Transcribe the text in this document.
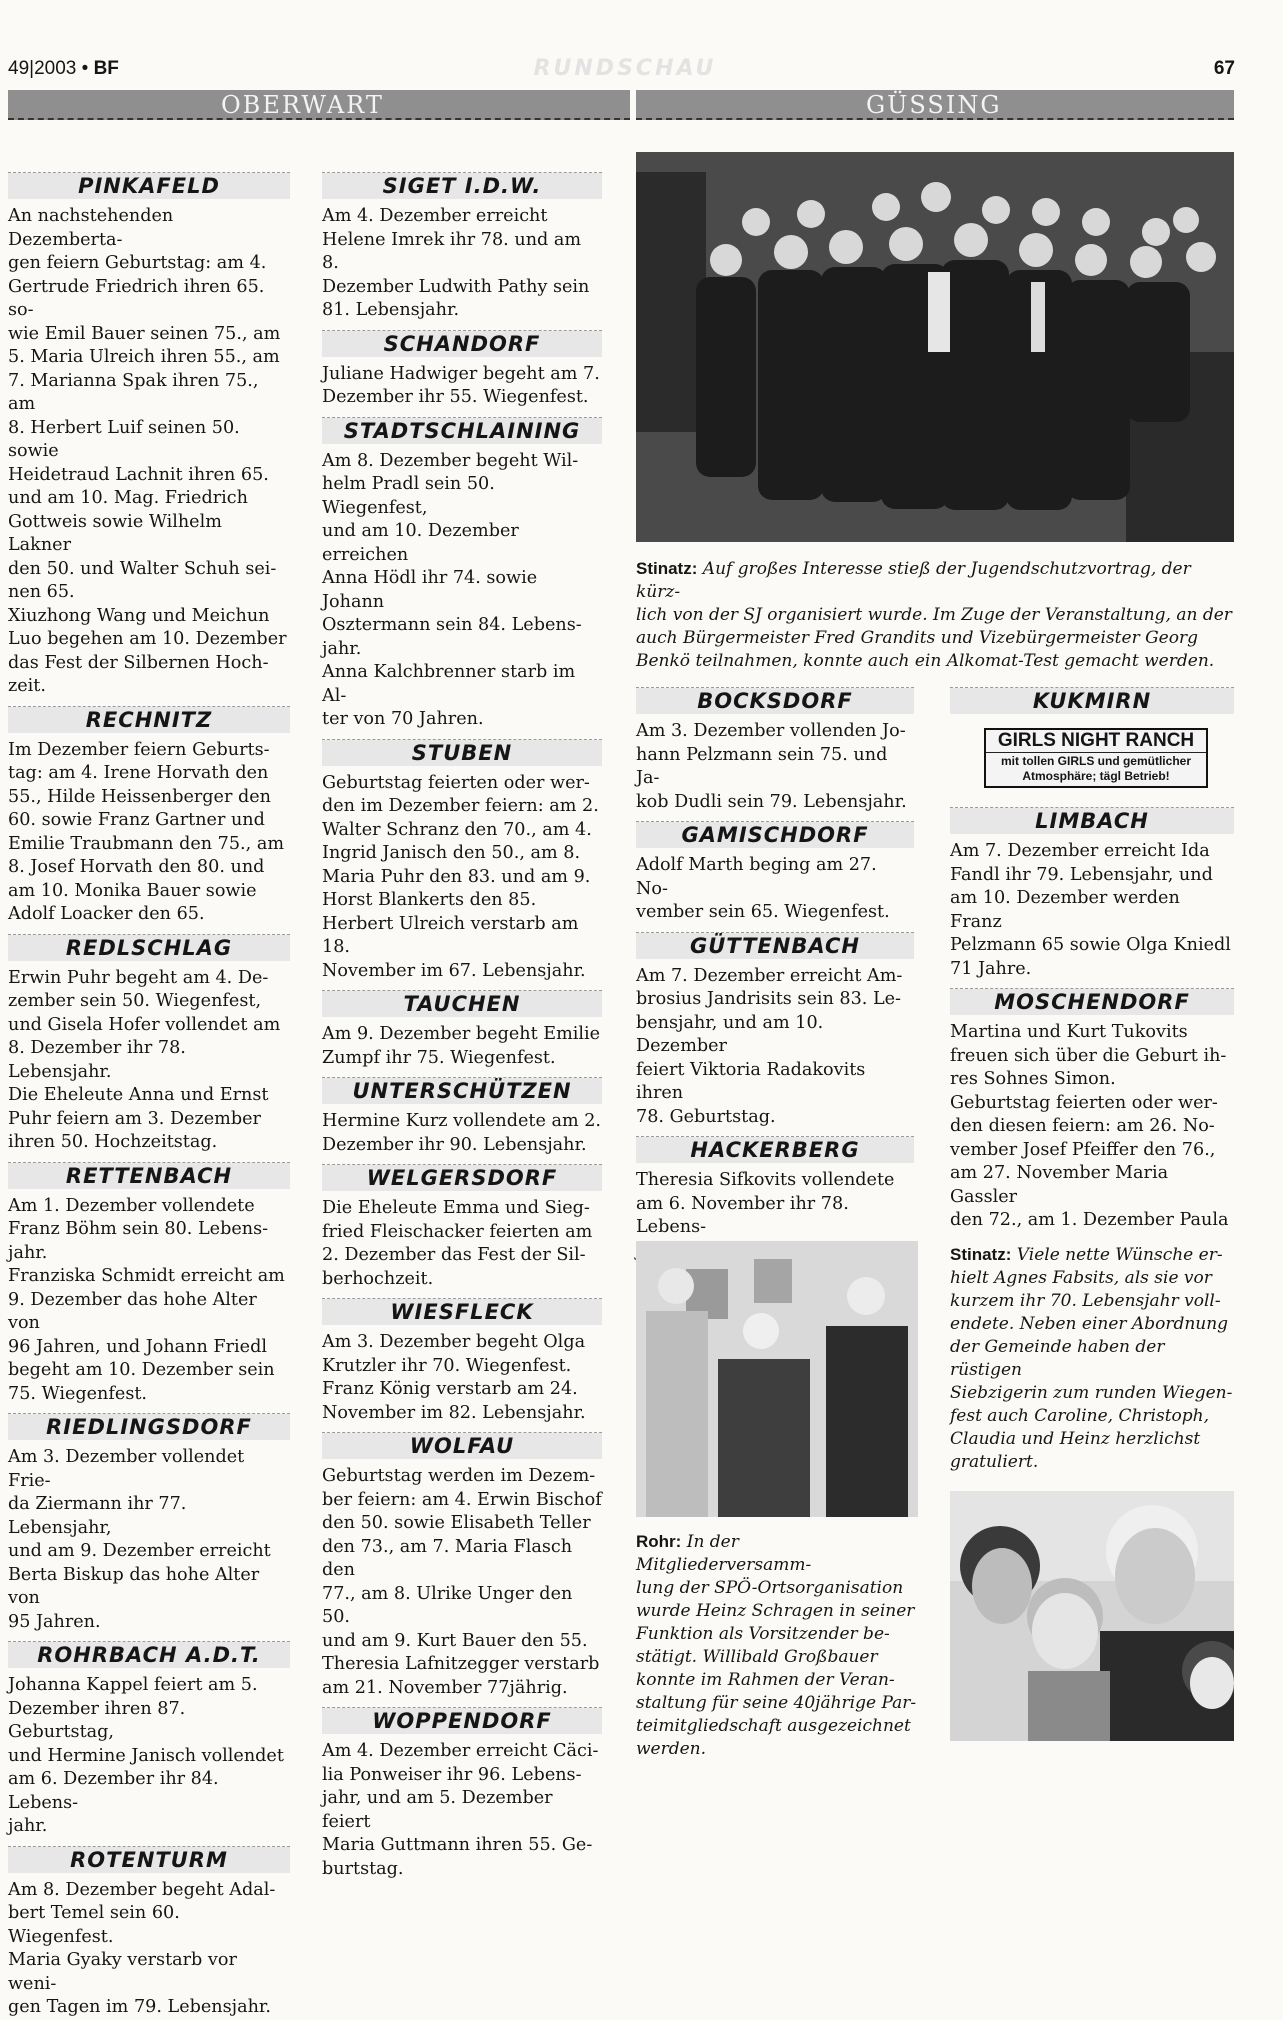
49|2003 • BF	RUNDSCHAU	67
OBERWART	GÜSSING
PINKAFELD

An nachstehenden Dezemberta-
gen feiern Geburtstag: am 4.
Gertrude Friedrich ihren 65. so-
wie Emil Bauer seinen 75., am
5. Maria Ulreich ihren 55., am
7. Marianna Spak ihren 75., am
8. Herbert Luif seinen 50. sowie
Heidetraud Lachnit ihren 65.
und am 10. Mag. Friedrich
Gottweis sowie Wilhelm Lakner
den 50. und Walter Schuh sei-
nen 65.
Xiuzhong Wang und Meichun
Luo begehen am 10. Dezember
das Fest der Silbernen Hoch-
zeit.

RECHNITZ

Im Dezember feiern Geburts-
tag: am 4. Irene Horvath den
55., Hilde Heissenberger den
60. sowie Franz Gartner und
Emilie Traubmann den 75., am
8. Josef Horvath den 80. und
am 10. Monika Bauer sowie
Adolf Loacker den 65.

REDLSCHLAG

Erwin Puhr begeht am 4. De-
zember sein 50. Wiegenfest,
und Gisela Hofer vollendet am
8. Dezember ihr 78. Lebensjahr.
Die Eheleute Anna und Ernst
Puhr feiern am 3. Dezember
ihren 50. Hochzeitstag.

RETTENBACH

Am 1. Dezember vollendete
Franz Böhm sein 80. Lebens-
jahr.
Franziska Schmidt erreicht am
9. Dezember das hohe Alter von
96 Jahren, und Johann Friedl
begeht am 10. Dezember sein
75. Wiegenfest.

RIEDLINGSDORF

Am 3. Dezember vollendet Frie-
da Ziermann ihr 77. Lebensjahr,
und am 9. Dezember erreicht
Berta Biskup das hohe Alter von
95 Jahren.

ROHRBACH A.D.T.

Johanna Kappel feiert am 5.
Dezember ihren 87. Geburtstag,
und Hermine Janisch vollendet
am 6. Dezember ihr 84. Lebens-
jahr.

ROTENTURM

Am 8. Dezember begeht Adal-
bert Temel sein 60. Wiegenfest.
Maria Gyaky verstarb vor weni-
gen Tagen im 79. Lebensjahr.

SIGET I.D.W.

Am 4. Dezember erreicht
Helene Imrek ihr 78. und am 8.
Dezember Ludwith Pathy sein
81. Lebensjahr.

SCHANDORF

Juliane Hadwiger begeht am 7.
Dezember ihr 55. Wiegenfest.

STADTSCHLAINING

Am 8. Dezember begeht Wil-
helm Pradl sein 50. Wiegenfest,
und am 10. Dezember erreichen
Anna Hödl ihr 74. sowie Johann
Osztermann sein 84. Lebens-
jahr.
Anna Kalchbrenner starb im Al-
ter von 70 Jahren.

STUBEN

Geburtstag feierten oder wer-
den im Dezember feiern: am 2.
Walter Schranz den 70., am 4.
Ingrid Janisch den 50., am 8.
Maria Puhr den 83. und am 9.
Horst Blankerts den 85.
Herbert Ulreich verstarb am 18.
November im 67. Lebensjahr.

TAUCHEN

Am 9. Dezember begeht Emilie
Zumpf ihr 75. Wiegenfest.

UNTERSCHÜTZEN

Hermine Kurz vollendete am 2.
Dezember ihr 90. Lebensjahr.

WELGERSDORF

Die Eheleute Emma und Sieg-
fried Fleischacker feierten am
2. Dezember das Fest der Sil-
berhochzeit.

WIESFLECK

Am 3. Dezember begeht Olga
Krutzler ihr 70. Wiegenfest.
Franz König verstarb am 24.
November im 82. Lebensjahr.

WOLFAU

Geburtstag werden im Dezem-
ber feiern: am 4. Erwin Bischof
den 50. sowie Elisabeth Teller
den 73., am 7. Maria Flasch den
77., am 8. Ulrike Unger den 50.
und am 9. Kurt Bauer den 55.
Theresia Lafnitzegger verstarb
am 21. November 77jährig.

WOPPENDORF

Am 4. Dezember erreicht Cäci-
lia Ponweiser ihr 96. Lebens-
jahr, und am 5. Dezember feiert
Maria Guttmann ihren 55. Ge-
burtstag.

Stinatz: Auf großes Interesse stieß der Jugendschutzvortrag, der kürz-
lich von der SJ organisiert wurde. Im Zuge der Veranstaltung, an der
auch Bürgermeister Fred Grandits und Vizebürgermeister Georg
Benkö teilnahmen, konnte auch ein Alkomat-Test gemacht werden.

BOCKSDORF

Am 3. Dezember vollenden Jo-
hann Pelzmann sein 75. und Ja-
kob Dudli sein 79. Lebensjahr.

GAMISCHDORF

Adolf Marth beging am 27. No-
vember sein 65. Wiegenfest.

GÜTTENBACH

Am 7. Dezember erreicht Am-
brosius Jandrisits sein 83. Le-
bensjahr, und am 10. Dezember
feiert Viktoria Radakovits ihren
78. Geburtstag.

HACKERBERG

Theresia Sifkovits vollendete
am 6. November ihr 78. Lebens-

KUKMIRN
GIRLS NIGHT RANCH
mit tollen GIRLS und gemütlicher Atmosphäre; tägl Betrieb!
LIMBACH

Am 7. Dezember erreicht Ida
Fandl ihr 79. Lebensjahr, und
am 10. Dezember werden Franz
Pelzmann 65 sowie Olga Kniedl
71 Jahre.

MOSCHENDORF

Martina und Kurt Tukovits
freuen sich über die Geburt ih-
res Sohnes Simon.
Geburtstag feierten oder wer-
den diesen feiern: am 26. No-
vember Josef Pfeiffer den 76.,
am 27. November Maria Gassler
den 72., am 1. Dezember Paula

Rohr: In der Mitgliederversamm-
lung der SPÖ-Ortsorganisation
wurde Heinz Schragen in seiner
Funktion als Vorsitzender be-
stätigt. Willibald Großbauer
konnte im Rahmen der Veran-
staltung für seine 40jährige Par-
teimitgliedschaft ausgezeichnet
werden.

Stinatz: Viele nette Wünsche er-
hielt Agnes Fabsits, als sie vor
kurzem ihr 70. Lebensjahr voll-
endete. Neben einer Abordnung
der Gemeinde haben der rüstigen
Siebzigerin zum runden Wiegen-
fest auch Caroline, Christoph,
Claudia und Heinz herzlichst
gratuliert.
